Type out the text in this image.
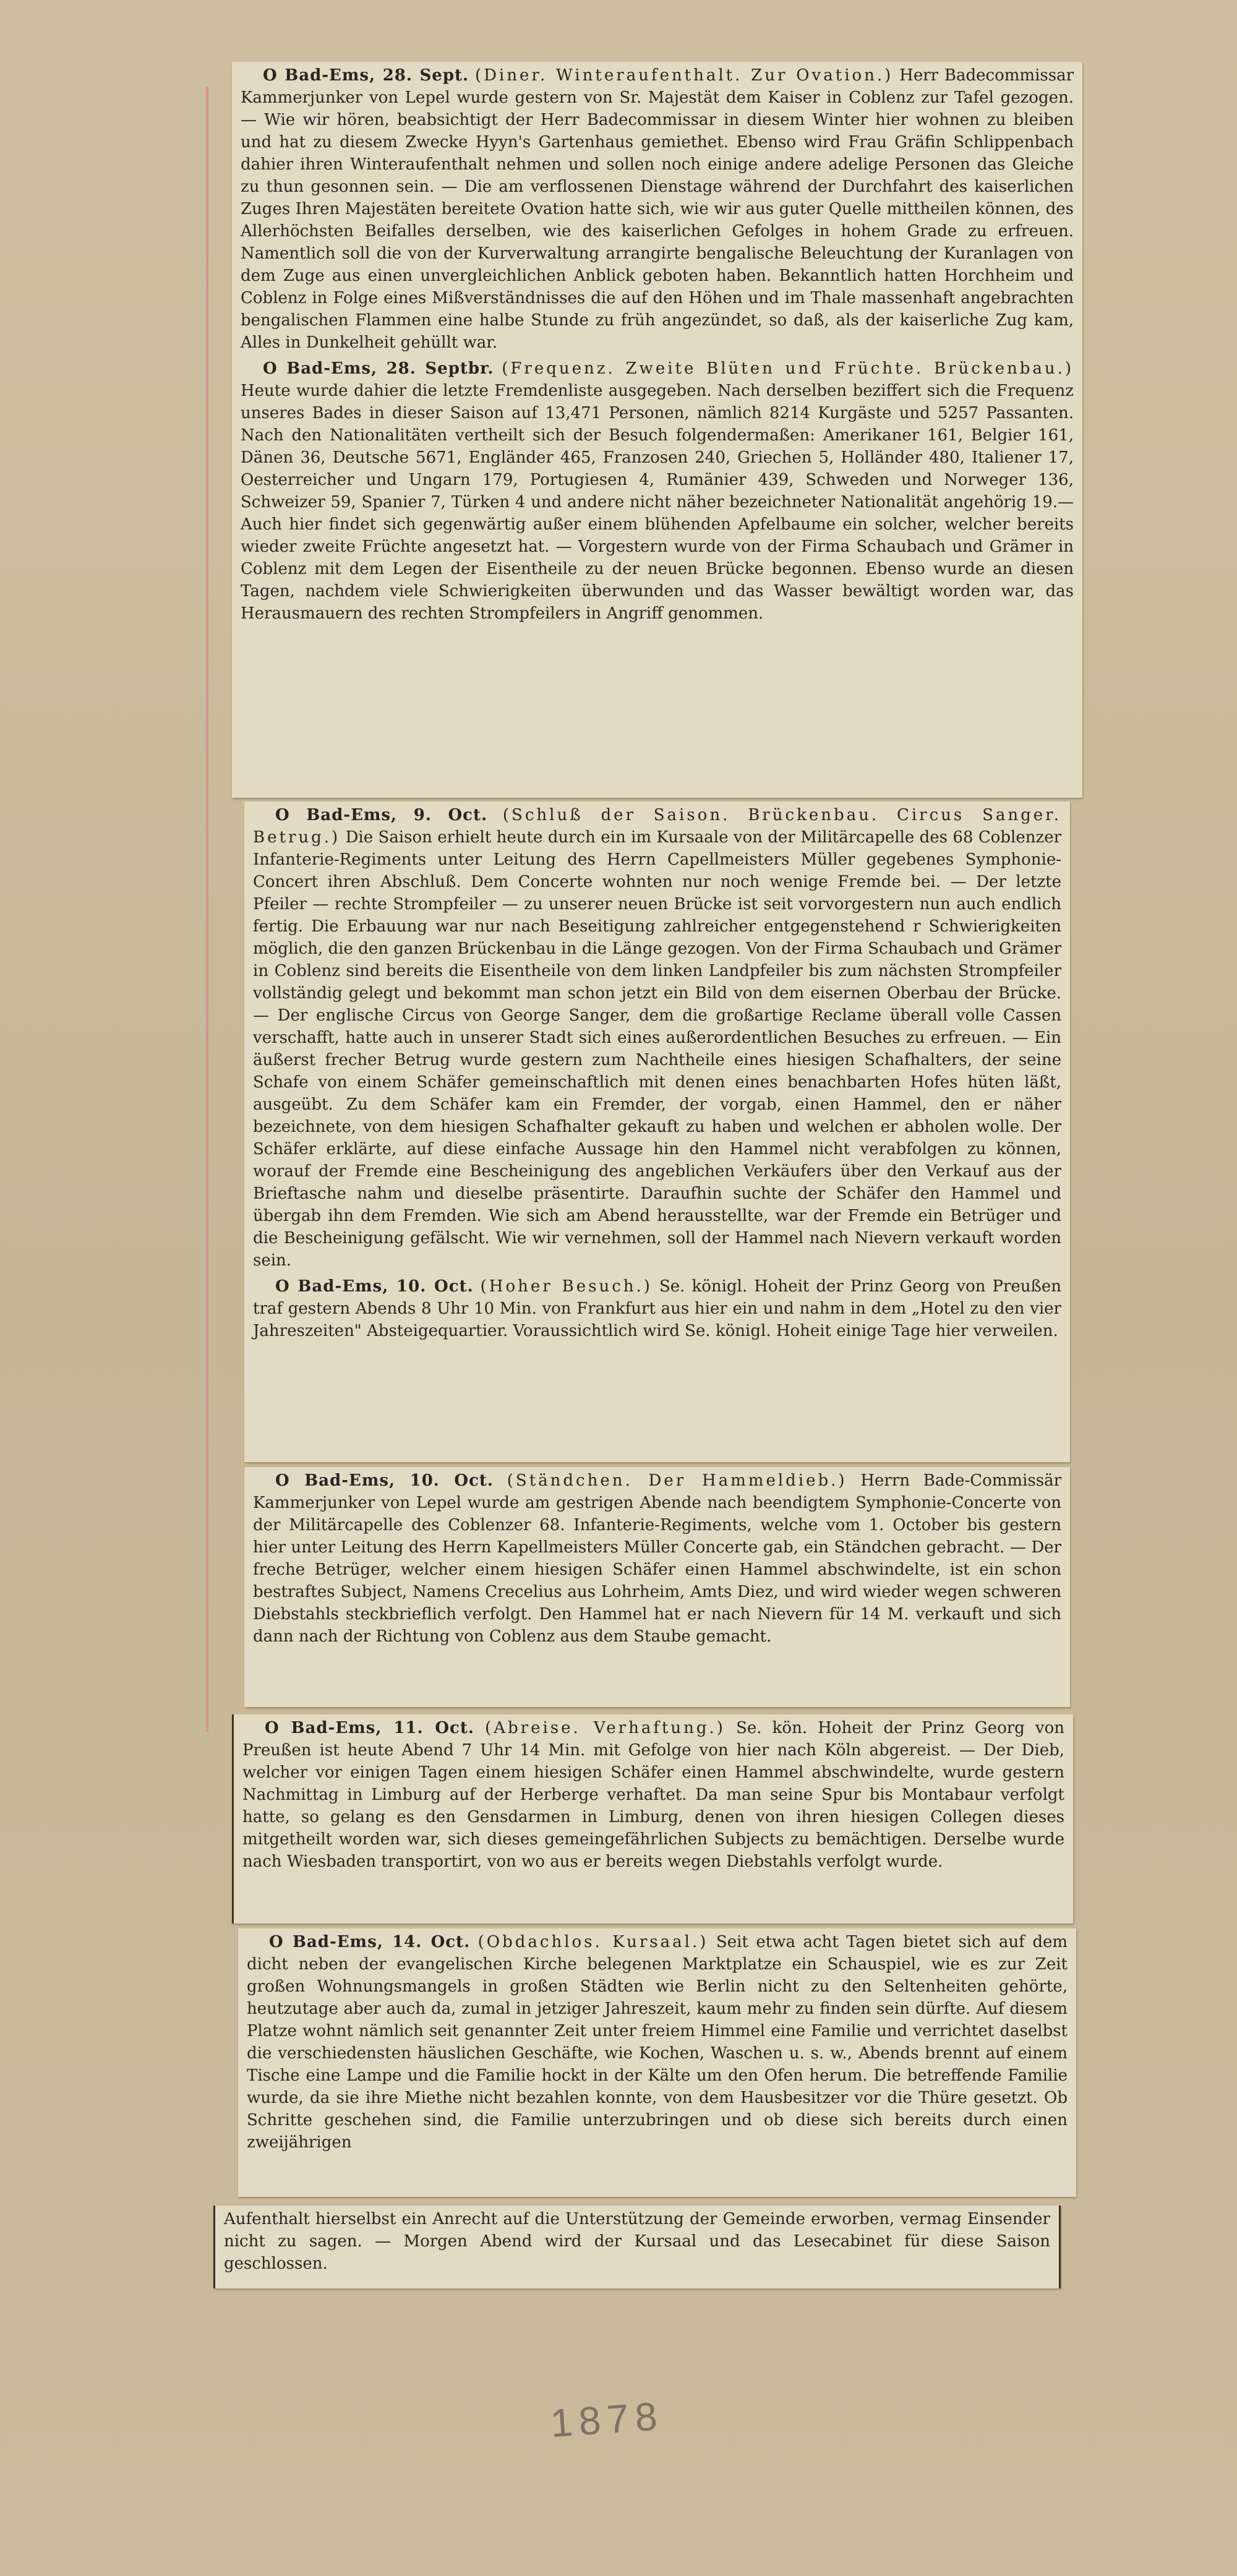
O Bad-Ems, 28. Sept. (Diner. Winteraufenthalt. Zur Ovation.) Herr Badecommissar Kammerjunker von Lepel wurde gestern von Sr. Majestät dem Kaiser in Coblenz zur Tafel gezogen. — Wie wir hören, beabsichtigt der Herr Badecommissar in diesem Winter hier wohnen zu bleiben und hat zu diesem Zwecke Hyyn's Gartenhaus gemiethet. Ebenso wird Frau Gräfin Schlippenbach dahier ihren Winteraufenthalt nehmen und sollen noch einige andere adelige Personen das Gleiche zu thun gesonnen sein. — Die am verflossenen Dienstage während der Durchfahrt des kaiserlichen Zuges Ihren Majestäten bereitete Ovation hatte sich, wie wir aus guter Quelle mittheilen können, des Allerhöchsten Beifalles derselben, wie des kaiserlichen Gefolges in hohem Grade zu erfreuen. Namentlich soll die von der Kurverwaltung arrangirte bengalische Beleuchtung der Kuranlagen von dem Zuge aus einen unvergleichlichen Anblick geboten haben. Bekanntlich hatten Horchheim und Coblenz in Folge eines Mißverständnisses die auf den Höhen und im Thale massenhaft angebrachten bengalischen Flammen eine halbe Stunde zu früh angezündet, so daß, als der kaiserliche Zug kam, Alles in Dunkelheit gehüllt war.

O Bad-Ems, 28. Septbr. (Frequenz. Zweite Blüten und Früchte. Brückenbau.) Heute wurde dahier die letzte Fremdenliste ausgegeben. Nach derselben beziffert sich die Frequenz unseres Bades in dieser Saison auf 13,471 Personen, nämlich 8214 Kurgäste und 5257 Passanten. Nach den Nationalitäten vertheilt sich der Besuch folgendermaßen: Amerikaner 161, Belgier 161, Dänen 36, Deutsche 5671, Engländer 465, Franzosen 240, Griechen 5, Holländer 480, Italiener 17, Oesterreicher und Ungarn 179, Portugiesen 4, Rumänier 439, Schweden und Norweger 136, Schweizer 59, Spanier 7, Türken 4 und andere nicht näher bezeichneter Nationalität angehörig 19.— Auch hier findet sich gegenwärtig außer einem blühenden Apfelbaume ein solcher, welcher bereits wieder zweite Früchte angesetzt hat. — Vorgestern wurde von der Firma Schaubach und Grämer in Coblenz mit dem Legen der Eisentheile zu der neuen Brücke begonnen. Ebenso wurde an diesen Tagen, nachdem viele Schwierigkeiten überwunden und das Wasser bewältigt worden war, das Herausmauern des rechten Strompfeilers in Angriff genommen.

O Bad-Ems, 9. Oct. (Schluß der Saison. Brückenbau. Circus Sanger. Betrug.) Die Saison erhielt heute durch ein im Kursaale von der Militärcapelle des 68 Coblenzer Infanterie-Regiments unter Leitung des Herrn Capellmeisters Müller gegebenes Symphonie-Concert ihren Abschluß. Dem Concerte wohnten nur noch wenige Fremde bei. — Der letzte Pfeiler — rechte Strompfeiler — zu unserer neuen Brücke ist seit vorvorgestern nun auch endlich fertig. Die Erbauung war nur nach Beseitigung zahlreicher entgegenstehend r Schwierigkeiten möglich, die den ganzen Brückenbau in die Länge gezogen. Von der Firma Schaubach und Grämer in Coblenz sind bereits die Eisentheile von dem linken Landpfeiler bis zum nächsten Strompfeiler vollständig gelegt und bekommt man schon jetzt ein Bild von dem eisernen Oberbau der Brücke. — Der englische Circus von George Sanger, dem die großartige Reclame überall volle Cassen verschafft, hatte auch in unserer Stadt sich eines außerordentlichen Besuches zu erfreuen. — Ein äußerst frecher Betrug wurde gestern zum Nachtheile eines hiesigen Schafhalters, der seine Schafe von einem Schäfer gemeinschaftlich mit denen eines benachbarten Hofes hüten läßt, ausgeübt. Zu dem Schäfer kam ein Fremder, der vorgab, einen Hammel, den er näher bezeichnete, von dem hiesigen Schafhalter gekauft zu haben und welchen er abholen wolle. Der Schäfer erklärte, auf diese einfache Aussage hin den Hammel nicht verabfolgen zu können, worauf der Fremde eine Bescheinigung des angeblichen Verkäufers über den Verkauf aus der Brieftasche nahm und dieselbe präsentirte. Daraufhin suchte der Schäfer den Hammel und übergab ihn dem Fremden. Wie sich am Abend herausstellte, war der Fremde ein Betrüger und die Bescheinigung gefälscht. Wie wir vernehmen, soll der Hammel nach Nievern verkauft worden sein.

O Bad-Ems, 10. Oct. (Hoher Besuch.) Se. königl. Hoheit der Prinz Georg von Preußen traf gestern Abends 8 Uhr 10 Min. von Frankfurt aus hier ein und nahm in dem „Hotel zu den vier Jahreszeiten" Absteigequartier. Voraussichtlich wird Se. königl. Hoheit einige Tage hier verweilen.

O Bad-Ems, 10. Oct. (Ständchen. Der Hammeldieb.) Herrn Bade-Commissär Kammerjunker von Lepel wurde am gestrigen Abende nach beendigtem Symphonie-Concerte von der Militärcapelle des Coblenzer 68. Infanterie-Regiments, welche vom 1. October bis gestern hier unter Leitung des Herrn Kapellmeisters Müller Concerte gab, ein Ständchen gebracht. — Der freche Betrüger, welcher einem hiesigen Schäfer einen Hammel abschwindelte, ist ein schon bestraftes Subject, Namens Crecelius aus Lohrheim, Amts Diez, und wird wieder wegen schweren Diebstahls steckbrieflich verfolgt. Den Hammel hat er nach Nievern für 14 M. verkauft und sich dann nach der Richtung von Coblenz aus dem Staube gemacht.

O Bad-Ems, 11. Oct. (Abreise. Verhaftung.) Se. kön. Hoheit der Prinz Georg von Preußen ist heute Abend 7 Uhr 14 Min. mit Gefolge von hier nach Köln abgereist. — Der Dieb, welcher vor einigen Tagen einem hiesigen Schäfer einen Hammel abschwindelte, wurde gestern Nachmittag in Limburg auf der Herberge verhaftet. Da man seine Spur bis Montabaur verfolgt hatte, so gelang es den Gensdarmen in Limburg, denen von ihren hiesigen Collegen dieses mitgetheilt worden war, sich dieses gemeingefährlichen Subjects zu bemächtigen. Derselbe wurde nach Wiesbaden transportirt, von wo aus er bereits wegen Diebstahls verfolgt wurde.

O Bad-Ems, 14. Oct. (Obdachlos. Kursaal.) Seit etwa acht Tagen bietet sich auf dem dicht neben der evangelischen Kirche belegenen Marktplatze ein Schauspiel, wie es zur Zeit großen Wohnungsmangels in großen Städten wie Berlin nicht zu den Seltenheiten gehörte, heutzutage aber auch da, zumal in jetziger Jahreszeit, kaum mehr zu finden sein dürfte. Auf diesem Platze wohnt nämlich seit genannter Zeit unter freiem Himmel eine Familie und verrichtet daselbst die verschiedensten häuslichen Geschäfte, wie Kochen, Waschen u. s. w., Abends brennt auf einem Tische eine Lampe und die Familie hockt in der Kälte um den Ofen herum. Die betreffende Familie wurde, da sie ihre Miethe nicht bezahlen konnte, von dem Hausbesitzer vor die Thüre gesetzt. Ob Schritte geschehen sind, die Familie unterzubringen und ob diese sich bereits durch einen zweijährigen

Aufenthalt hierselbst ein Anrecht auf die Unterstützung der Gemeinde erworben, vermag Einsender nicht zu sagen. — Morgen Abend wird der Kursaal und das Lesecabinet für diese Saison geschlossen.

1878
